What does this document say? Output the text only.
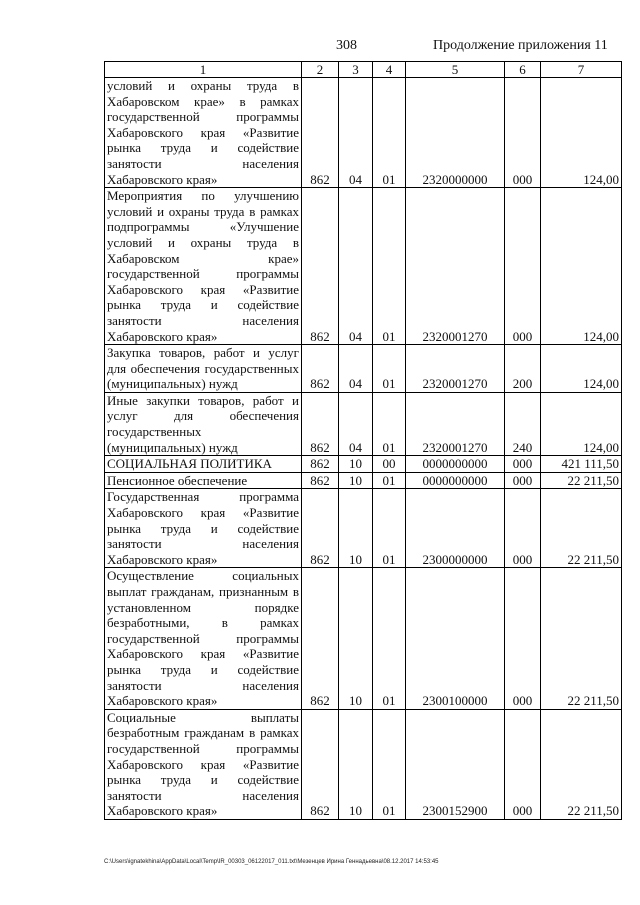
308	Продолжение приложения 11
1	2	3	4	5	6	7
условий и охраны труда в Хабаровском крае» в рамках государственной программы Хабаровского края «Развитие рынка труда и содействие занятости населения Хабаровского края»	862	04	01	2320000000	000	124,00
Мероприятия по улучшению условий и охраны труда в рамках подпрограммы «Улучшение условий и охраны труда в Хабаровском крае» государственной программы Хабаровского края «Развитие рынка труда и содействие занятости населения Хабаровского края»	862	04	01	2320001270	000	124,00
Закупка товаров, работ и услуг для обеспечения государственных (муниципальных) нужд	862	04	01	2320001270	200	124,00
Иные закупки товаров, работ и услуг для обеспечения государственных (муниципальных) нужд	862	04	01	2320001270	240	124,00
СОЦИАЛЬНАЯ ПОЛИТИКА	862	10	00	0000000000	000	421 111,50
Пенсионное обеспечение	862	10	01	0000000000	000	22 211,50
Государственная программа Хабаровского края «Развитие рынка труда и содействие занятости населения Хабаровского края»	862	10	01	2300000000	000	22 211,50
Осуществление социальных выплат гражданам, признанным в установленном порядке безработными, в рамках государственной программы Хабаровского края «Развитие рынка труда и содействие занятости населения Хабаровского края»	862	10	01	2300100000	000	22 211,50
Социальные выплаты безработным гражданам в рамках государственной программы Хабаровского края «Развитие рынка труда и содействие занятости населения Хабаровского края»	862	10	01	2300152900	000	22 211,50
C:\Users\ignatekhina\AppData\Local\Temp\IR_00303_06122017_011.txt\Мезенцев Ирина Геннадьевна\08.12.2017 14:53:45
